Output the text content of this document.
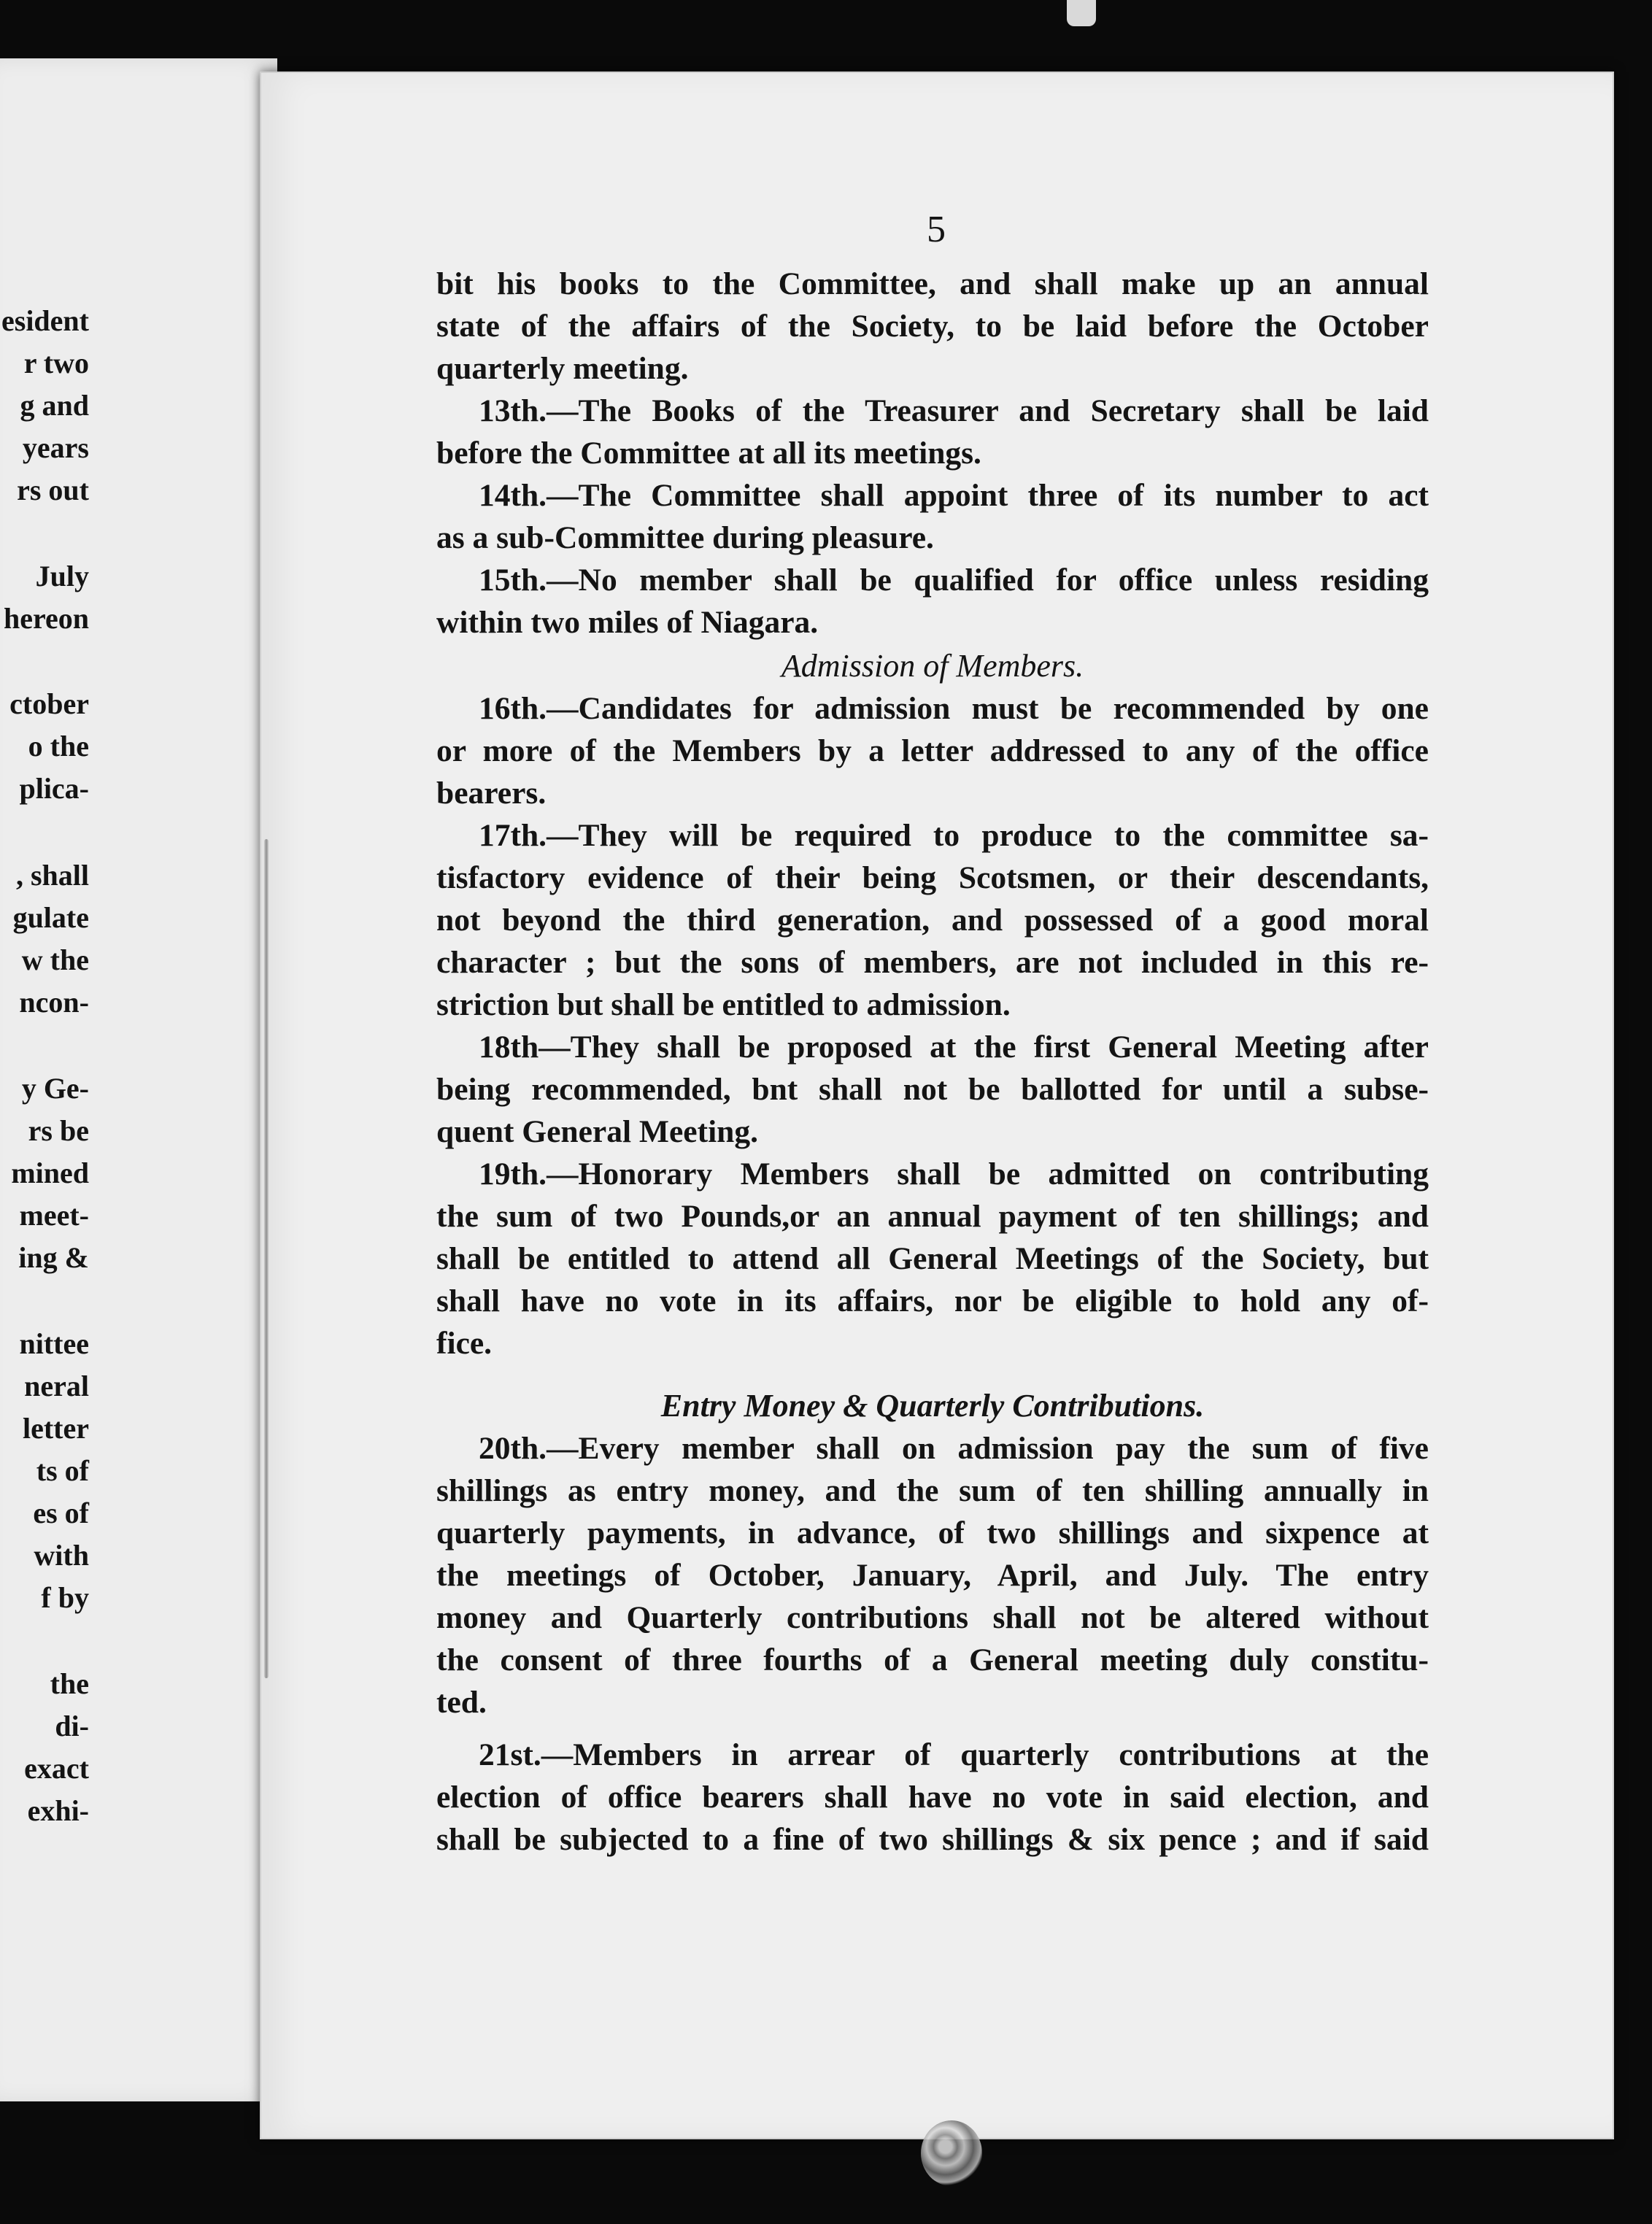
esident
r two
g and
years
rs out
July
hereon
ctober
o the
plica-
, shall
gulate
w the
ncon-
y Ge-
rs be
mined
meet-
ing &
nittee
neral
letter
ts of
es of
with
f by
the
di-
exact
exhi-
5
bit his books to the Committee, and shall make up an annual
state of the affairs of the Society, to be laid before the October
quarterly meeting.
13th.—The Books of the Treasurer and Secretary shall be laid
before the Committee at all its meetings.
14th.—The Committee shall appoint three of its number to act
as a sub-Committee during pleasure.
15th.—No member shall be qualified for office unless residing
within two miles of Niagara.
Admission of Members.
16th.—Candidates for admission must be recommended by one
or more of the Members by a letter addressed to any of the office
bearers.
17th.—They will be required to produce to the committee sa-
tisfactory evidence of their being Scotsmen, or their descendants,
not beyond the third generation, and possessed of a good moral
character ; but the sons of members, are not included in this re-
striction but shall be entitled to admission.
18th—They shall be proposed at the first General Meeting after
being recommended, bnt shall not be ballotted for until a subse-
quent General Meeting.
19th.—Honorary Members shall be admitted on contributing
the sum of two Pounds,or an annual payment of ten shillings; and
shall be entitled to attend all General Meetings of the Society, but
shall have no vote in its affairs, nor be eligible to hold any of-
fice.
Entry Money & Quarterly Contributions.
20th.—Every member shall on admission pay the sum of five
shillings as entry money, and the sum of ten shilling annually in
quarterly payments, in advance, of two shillings and sixpence at
the meetings of October, January, April, and July. The entry
money and Quarterly contributions shall not be altered without
the consent of three fourths of a General meeting duly constitu-
ted.
21st.—Members in arrear of quarterly contributions at the
election of office bearers shall have no vote in said election, and
shall be subjected to a fine of two shillings & six pence ; and if said
